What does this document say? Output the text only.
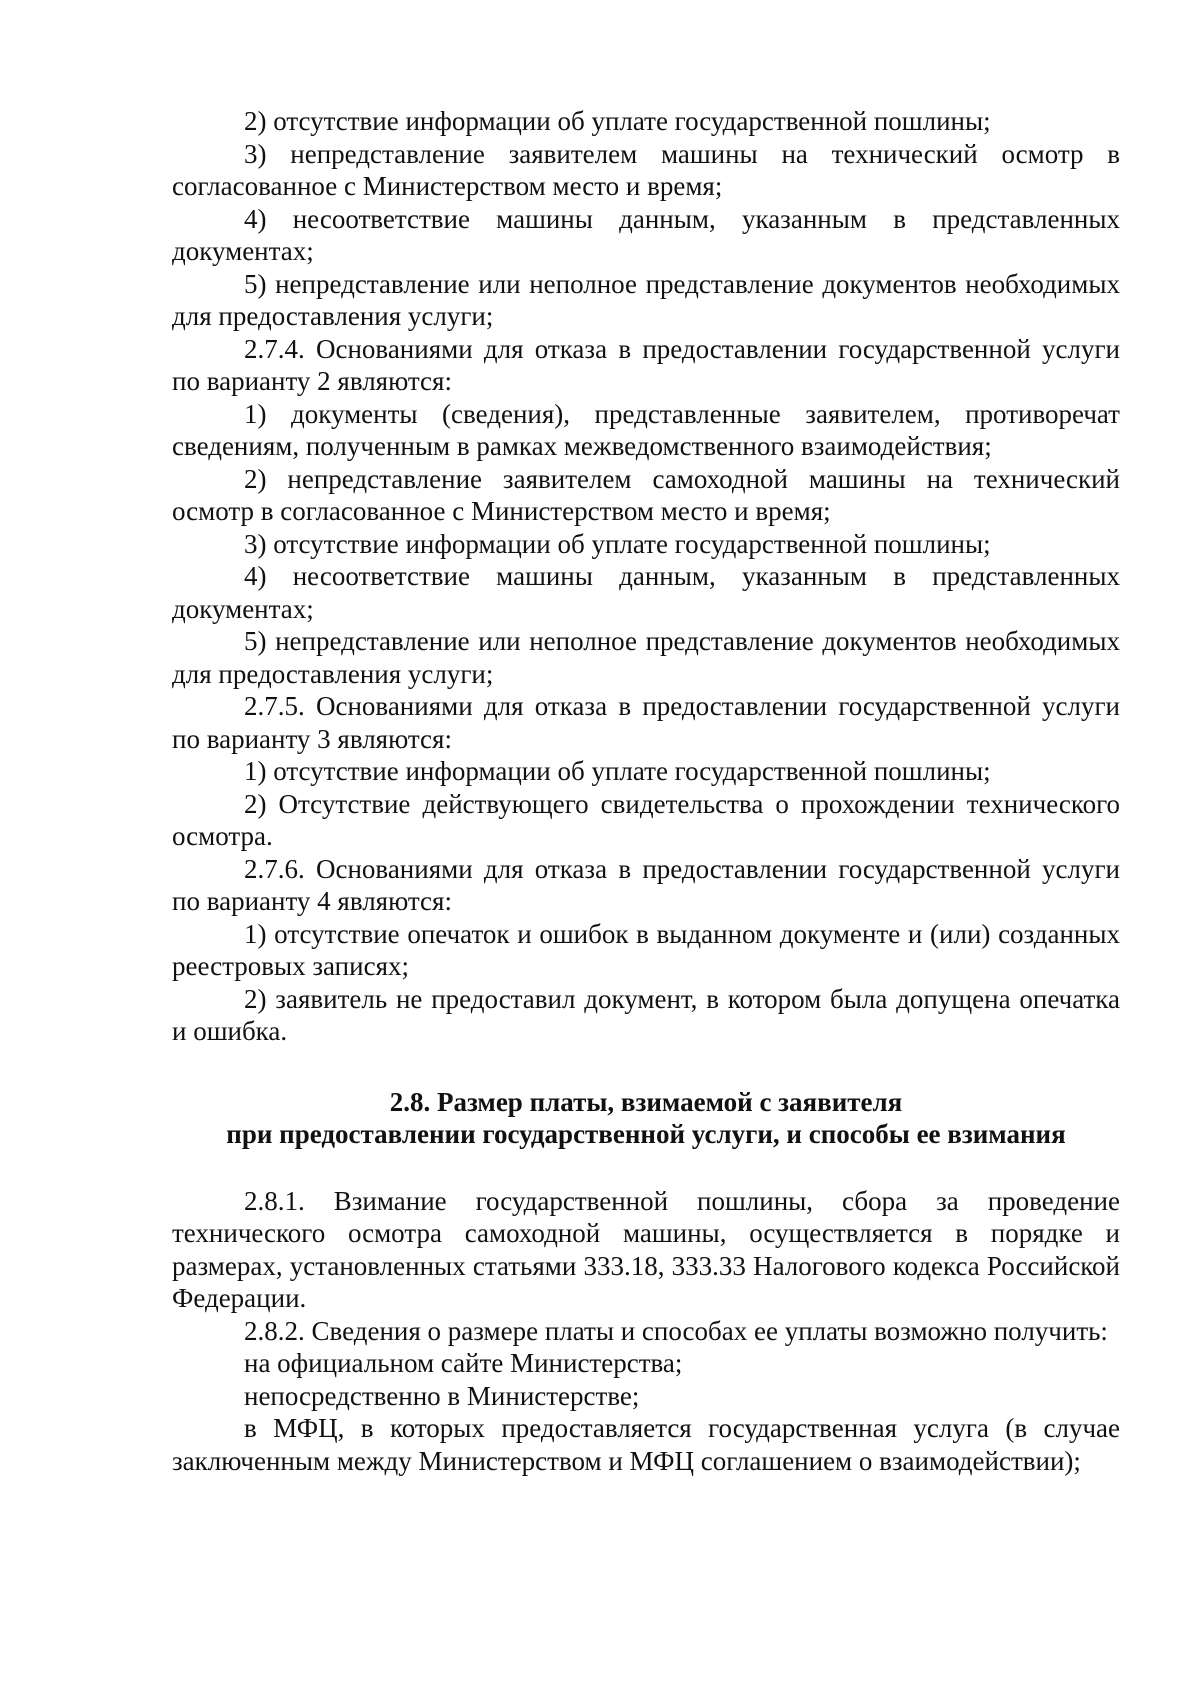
2) отсутствие информации об уплате государственной пошлины;

3) непредставление заявителем машины на технический осмотр в согласованное с Министерством место и время;

4) несоответствие машины данным, указанным в представленных документах;

5) непредставление или неполное представление документов необходимых для предоставления услуги;

2.7.4. Основаниями для отказа в предоставлении государственной услуги по варианту 2 являются:

1) документы (сведения), представленные заявителем, противоречат сведениям, полученным в рамках межведомственного взаимодействия;

2) непредставление заявителем самоходной машины на технический осмотр в согласованное с Министерством место и время;

3) отсутствие информации об уплате государственной пошлины;

4) несоответствие машины данным, указанным в представленных документах;

5) непредставление или неполное представление документов необходимых для предоставления услуги;

2.7.5. Основаниями для отказа в предоставлении государственной услуги по варианту 3 являются:

1) отсутствие информации об уплате государственной пошлины;

2) Отсутствие действующего свидетельства о прохождении технического осмотра.

2.7.6. Основаниями для отказа в предоставлении государственной услуги по варианту 4 являются:

1) отсутствие опечаток и ошибок в выданном документе и (или) созданных реестровых записях;

2) заявитель не предоставил документ, в котором была допущена опечатка и ошибка.

2.8. Размер платы, взимаемой с заявителя
при предоставлении государственной услуги, и способы ее взимания

2.8.1. Взимание государственной пошлины, сбора за проведение технического осмотра самоходной машины, осуществляется в порядке и размерах, установленных статьями 333.18, 333.33 Налогового кодекса Российской Федерации.

2.8.2. Сведения о размере платы и способах ее уплаты возможно получить:

на официальном сайте Министерства;

непосредственно в Министерстве;

в МФЦ, в которых предоставляется государственная услуга (в случае заключенным между Министерством и МФЦ соглашением о взаимодействии);
